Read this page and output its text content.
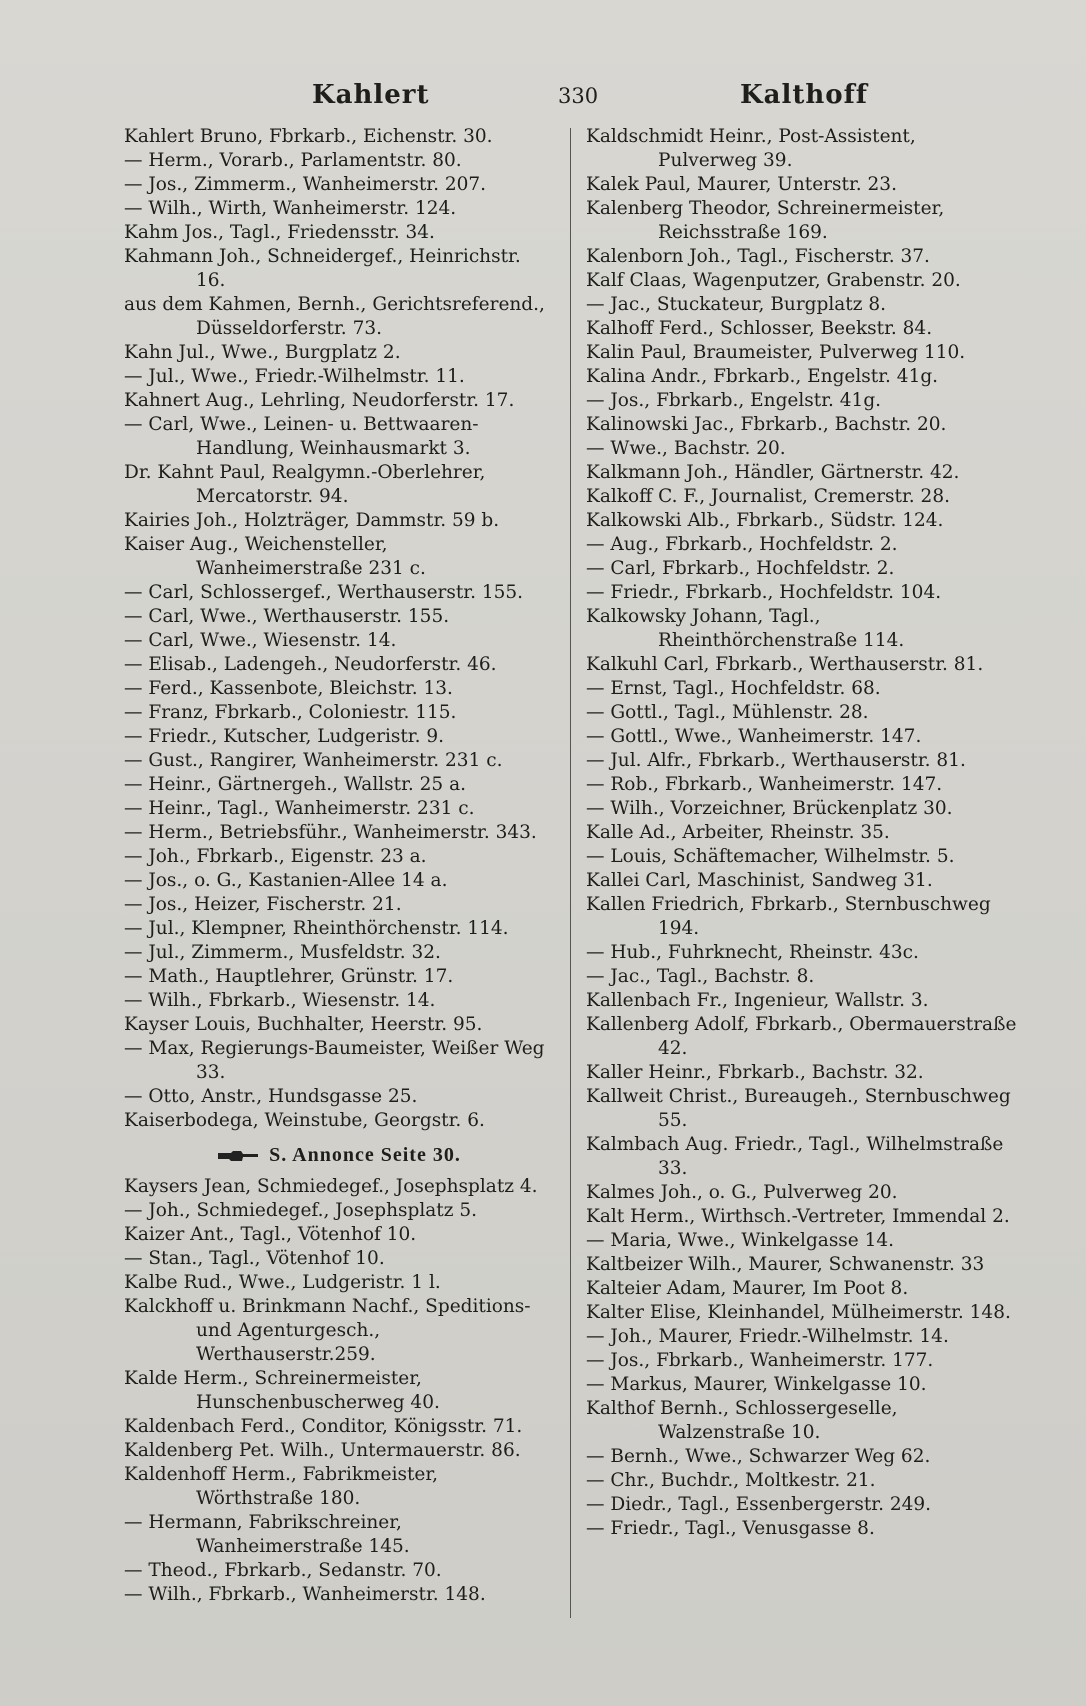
Kahlert	330	Kalthoff

Kahlert Bruno, Fbrkarb., Eichenstr. 30.

— Herm., Vorarb., Parlamentstr. 80.

— Jos., Zimmerm., Wanheimerstr. 207.

— Wilh., Wirth, Wanheimerstr. 124.

Kahm Jos., Tagl., Friedensstr. 34.

Kahmann Joh., Schneidergef., Heinrichstr. 16.

aus dem Kahmen, Bernh., Gerichtsreferend., Düsseldorferstr. 73.

Kahn Jul., Wwe., Burgplatz 2.

— Jul., Wwe., Friedr.-Wilhelmstr. 11.

Kahnert Aug., Lehrling, Neudorferstr. 17.

— Carl, Wwe., Leinen- u. Bettwaaren-Handlung, Weinhausmarkt 3.

Dr. Kahnt Paul, Realgymn.-Oberlehrer, Mercatorstr. 94.

Kairies Joh., Holzträger, Dammstr. 59 b.

Kaiser Aug., Weichensteller, Wanheimerstraße 231 c.

— Carl, Schlossergef., Werthauserstr. 155.

— Carl, Wwe., Werthauserstr. 155.

— Carl, Wwe., Wiesenstr. 14.

— Elisab., Ladengeh., Neudorferstr. 46.

— Ferd., Kassenbote, Bleichstr. 13.

— Franz, Fbrkarb., Coloniestr. 115.

— Friedr., Kutscher, Ludgeristr. 9.

— Gust., Rangirer, Wanheimerstr. 231 c.

— Heinr., Gärtnergeh., Wallstr. 25 a.

— Heinr., Tagl., Wanheimerstr. 231 c.

— Herm., Betriebsführ., Wanheimerstr. 343.

— Joh., Fbrkarb., Eigenstr. 23 a.

— Jos., o. G., Kastanien-Allee 14 a.

— Jos., Heizer, Fischerstr. 21.

— Jul., Klempner, Rheinthörchenstr. 114.

— Jul., Zimmerm., Musfeldstr. 32.

— Math., Hauptlehrer, Grünstr. 17.

— Wilh., Fbrkarb., Wiesenstr. 14.

Kayser Louis, Buchhalter, Heerstr. 95.

— Max, Regierungs-Baumeister, Weißer Weg 33.

— Otto, Anstr., Hundsgasse 25.

Kaiserbodega, Weinstube, Georgstr. 6.

S. Annonce Seite 30.

Kaysers Jean, Schmiedegef., Josephsplatz 4.

— Joh., Schmiedegef., Josephsplatz 5.

Kaizer Ant., Tagl., Vötenhof 10.

— Stan., Tagl., Vötenhof 10.

Kalbe Rud., Wwe., Ludgeristr. 1 l.

Kalckhoff u. Brinkmann Nachf., Speditions- und Agenturgesch., Werthauserstr.259.

Kalde Herm., Schreinermeister, Hunschenbuscherweg 40.

Kaldenbach Ferd., Conditor, Königsstr. 71.

Kaldenberg Pet. Wilh., Untermauerstr. 86.

Kaldenhoff Herm., Fabrikmeister, Wörthstraße 180.

— Hermann, Fabrikschreiner, Wanheimerstraße 145.

— Theod., Fbrkarb., Sedanstr. 70.

— Wilh., Fbrkarb., Wanheimerstr. 148.

Kaldschmidt Heinr., Post-Assistent, Pulverweg 39.

Kalek Paul, Maurer, Unterstr. 23.

Kalenberg Theodor, Schreinermeister, Reichsstraße 169.

Kalenborn Joh., Tagl., Fischerstr. 37.

Kalf Claas, Wagenputzer, Grabenstr. 20.

— Jac., Stuckateur, Burgplatz 8.

Kalhoff Ferd., Schlosser, Beekstr. 84.

Kalin Paul, Braumeister, Pulverweg 110.

Kalina Andr., Fbrkarb., Engelstr. 41g.

— Jos., Fbrkarb., Engelstr. 41g.

Kalinowski Jac., Fbrkarb., Bachstr. 20.

— Wwe., Bachstr. 20.

Kalkmann Joh., Händler, Gärtnerstr. 42.

Kalkoff C. F., Journalist, Cremerstr. 28.

Kalkowski Alb., Fbrkarb., Südstr. 124.

— Aug., Fbrkarb., Hochfeldstr. 2.

— Carl, Fbrkarb., Hochfeldstr. 2.

— Friedr., Fbrkarb., Hochfeldstr. 104.

Kalkowsky Johann, Tagl., Rheinthörchenstraße 114.

Kalkuhl Carl, Fbrkarb., Werthauserstr. 81.

— Ernst, Tagl., Hochfeldstr. 68.

— Gottl., Tagl., Mühlenstr. 28.

— Gottl., Wwe., Wanheimerstr. 147.

— Jul. Alfr., Fbrkarb., Werthauserstr. 81.

— Rob., Fbrkarb., Wanheimerstr. 147.

— Wilh., Vorzeichner, Brückenplatz 30.

Kalle Ad., Arbeiter, Rheinstr. 35.

— Louis, Schäftemacher, Wilhelmstr. 5.

Kallei Carl, Maschinist, Sandweg 31.

Kallen Friedrich, Fbrkarb., Sternbuschweg 194.

— Hub., Fuhrknecht, Rheinstr. 43c.

— Jac., Tagl., Bachstr. 8.

Kallenbach Fr., Ingenieur, Wallstr. 3.

Kallenberg Adolf, Fbrkarb., Obermauerstraße 42.

Kaller Heinr., Fbrkarb., Bachstr. 32.

Kallweit Christ., Bureaugeh., Sternbuschweg 55.

Kalmbach Aug. Friedr., Tagl., Wilhelmstraße 33.

Kalmes Joh., o. G., Pulverweg 20.

Kalt Herm., Wirthsch.-Vertreter, Immendal 2.

— Maria, Wwe., Winkelgasse 14.

Kaltbeizer Wilh., Maurer, Schwanenstr. 33

Kalteier Adam, Maurer, Im Poot 8.

Kalter Elise, Kleinhandel, Mülheimerstr. 148.

— Joh., Maurer, Friedr.-Wilhelmstr. 14.

— Jos., Fbrkarb., Wanheimerstr. 177.

— Markus, Maurer, Winkelgasse 10.

Kalthof Bernh., Schlossergeselle, Walzenstraße 10.

— Bernh., Wwe., Schwarzer Weg 62.

— Chr., Buchdr., Moltkestr. 21.

— Diedr., Tagl., Essenbergerstr. 249.

— Friedr., Tagl., Venusgasse 8.
